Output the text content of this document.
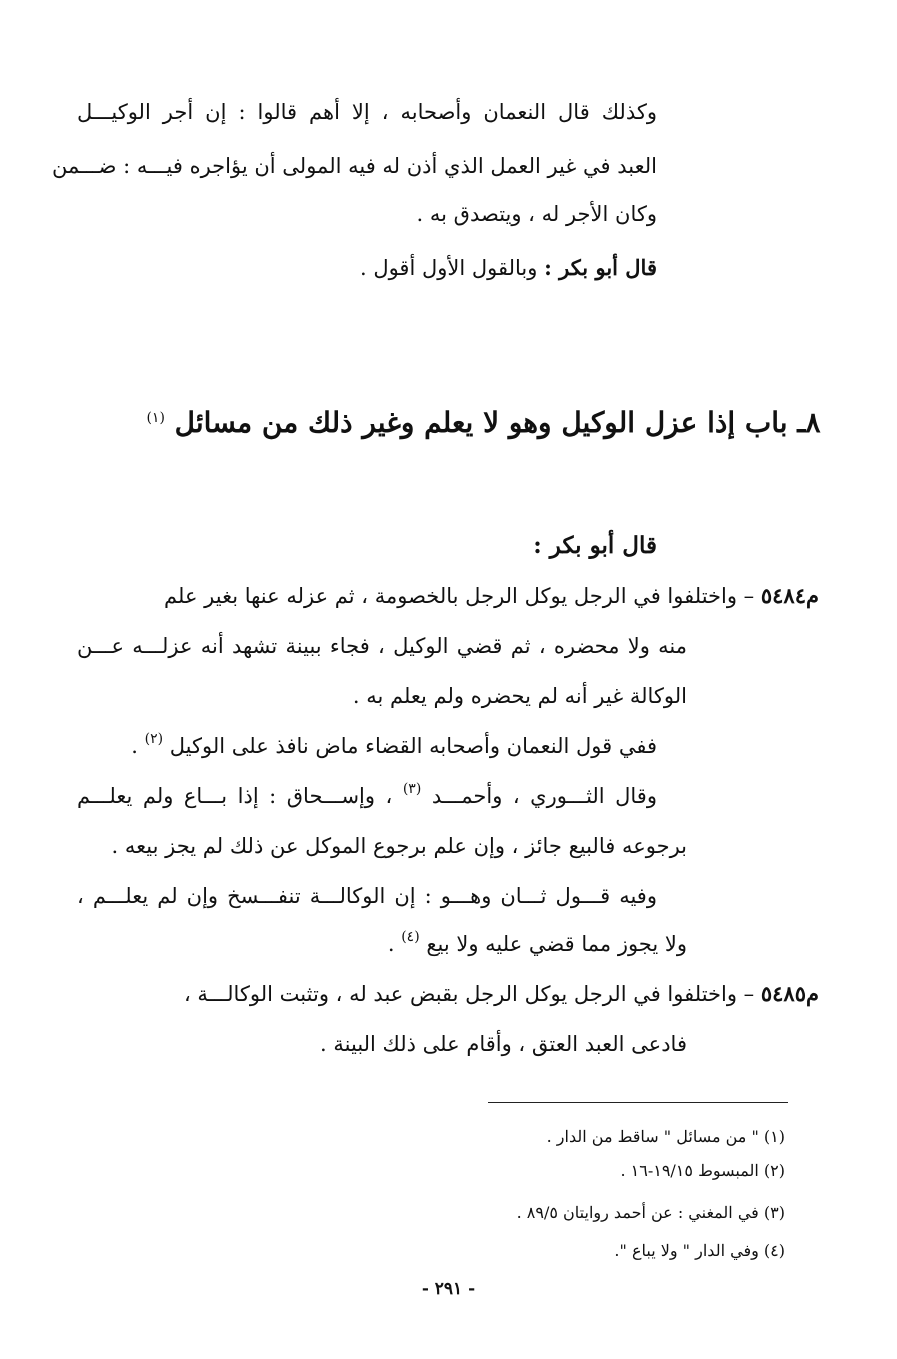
وكذلك قال النعمان وأصحابه ، إلا أهم قالوا : إن أجر الوكيـــل
العبد في غير العمل الذي أذن له فيه المولى أن يؤاجره فيـــه : ضـــمن
وكان الأجر له ، ويتصدق به .
قال أبو بكر : وبالقول الأول أقول .
٨ـ باب إذا عزل الوكيل وهو لا يعلم وغير ذلك من مسائل $^{(١)}$
قال أبو بكر :
م٥٤٨٤ – واختلفوا في الرجل يوكل الرجل بالخصومة ، ثم عزله عنها بغير علم
منه ولا محضره ، ثم قضي الوكيل ، فجاء ببينة تشهد أنه عزلـــه عـــن
الوكالة غير أنه لم يحضره ولم يعلم به .
ففي قول النعمان وأصحابه القضاء ماض نافذ على الوكيل $^{(٢)}$ .
وقال الثـــوري ، وأحمـــد $^{(٣)}$ ، وإســـحاق : إذا بـــاع ولم يعلـــم
برجوعه فالبيع جائز ، وإن علم برجوع الموكل عن ذلك لم يجز بيعه .
وفيه قـــول ثـــان وهـــو : إن الوكالـــة تنفـــسخ وإن لم يعلـــم ،
ولا يجوز مما قضي عليه ولا بيع $^{(٤)}$ .
م٥٤٨٥ – واختلفوا في الرجل يوكل الرجل بقبض عبد له ، وتثبت الوكالـــة ،
فادعى العبد العتق ، وأقام على ذلك البينة .
(١) " من مسائل " ساقط من الدار .
(٢) المبسوط ١٩/١٥-١٦ .
(٣) في المغني : عن أحمد روايتان ٨٩/٥ .
(٤) وفي الدار " ولا يباع ".
- ٢٩١ -
